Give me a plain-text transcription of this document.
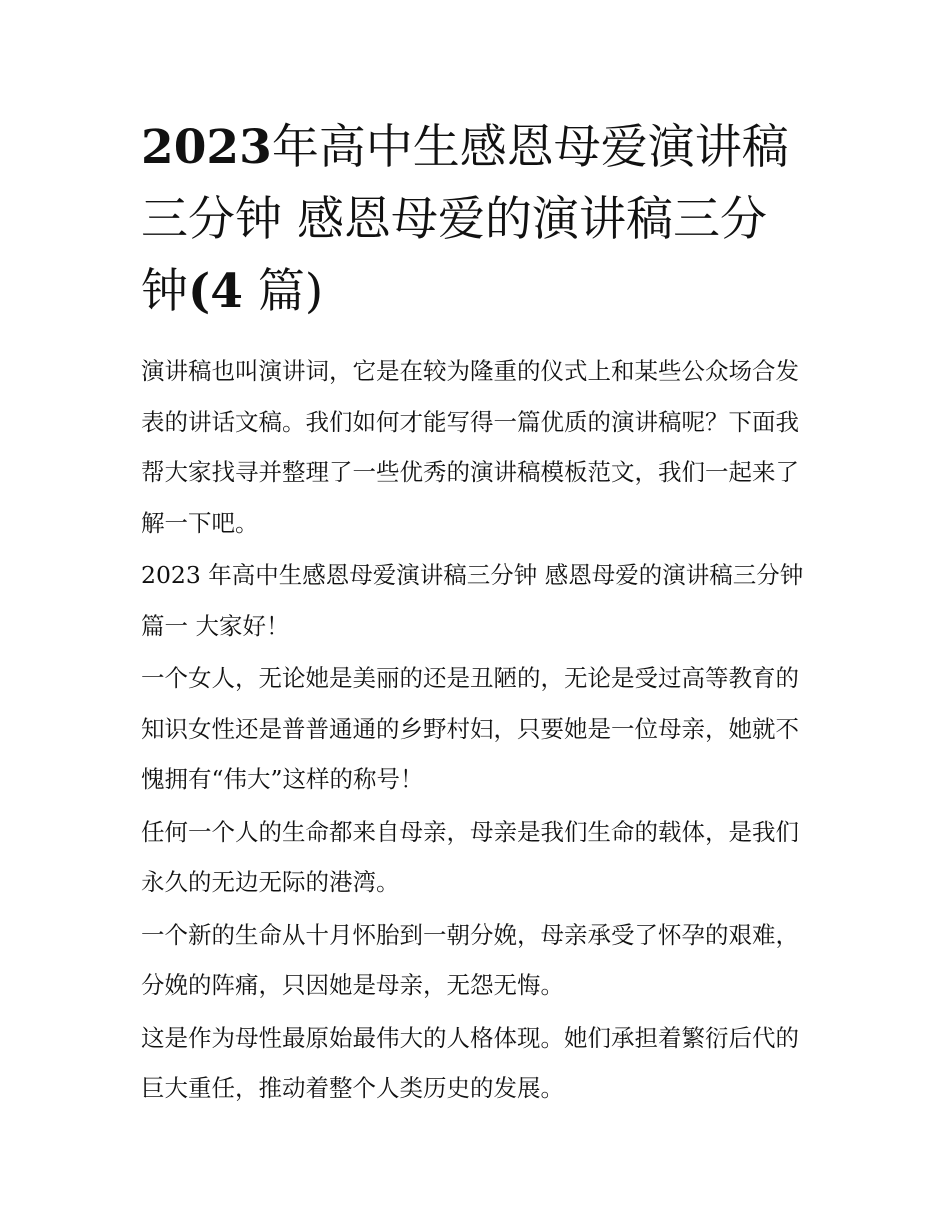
2023年高中生感恩母爱演讲稿三分钟 感恩母爱的演讲稿三分钟(4 篇)

演讲稿也叫演讲词，它是在较为隆重的仪式上和某些公众场合发表的讲话文稿。我们如何才能写得一篇优质的演讲稿呢？下面我帮大家找寻并整理了一些优秀的演讲稿模板范文，我们一起来了解一下吧。

2023 年高中生感恩母爱演讲稿三分钟 感恩母爱的演讲稿三分钟篇一 大家好！

一个女人，无论她是美丽的还是丑陋的，无论是受过高等教育的知识女性还是普普通通的乡野村妇，只要她是一位母亲，她就不愧拥有“伟大”这样的称号！

任何一个人的生命都来自母亲，母亲是我们生命的载体，是我们永久的无边无际的港湾。

一个新的生命从十月怀胎到一朝分娩，母亲承受了怀孕的艰难，分娩的阵痛，只因她是母亲，无怨无悔。

这是作为母性最原始最伟大的人格体现。她们承担着繁衍后代的巨大重任，推动着整个人类历史的发展。
